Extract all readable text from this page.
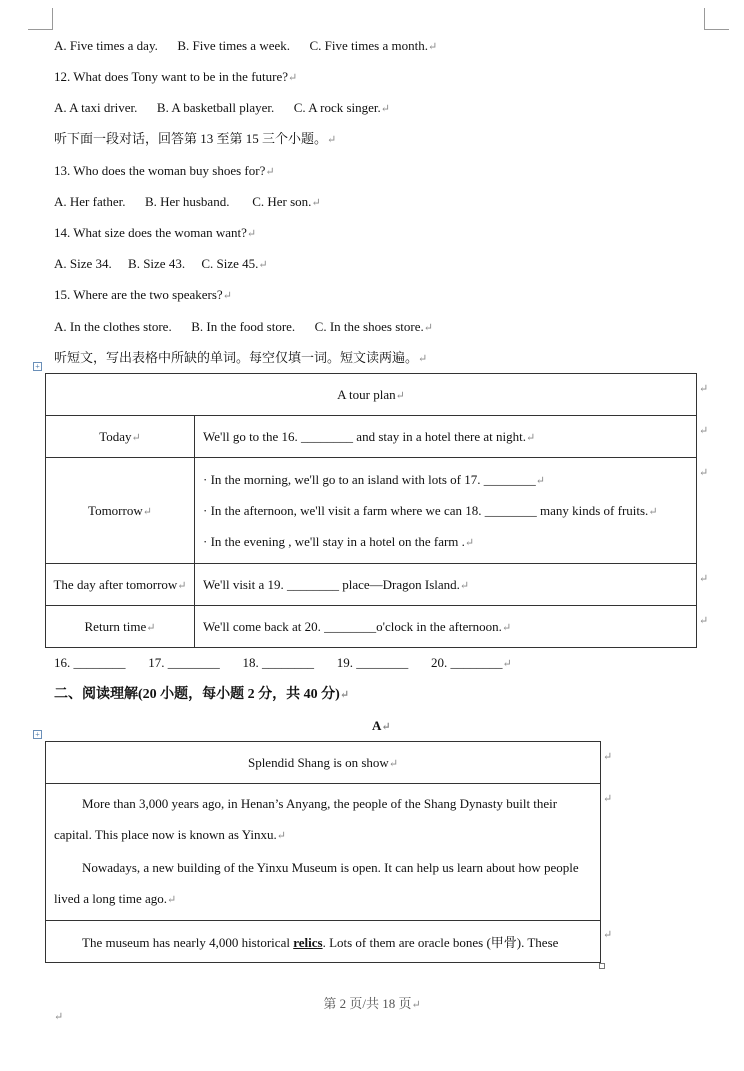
A. Five times a day.      B. Five times a week.      C. Five times a month.↵
12. What does Tony want to be in the future?↵
A. A taxi driver.      B. A basketball player.      C. A rock singer.↵
听下面一段对话，回答第 13 至第 15 三个小题。↵
13. Who does the woman buy shoes for?↵
A. Her father.      B. Her husband.       C. Her son.↵
14. What size does the woman want?↵
A. Size 34.     B. Size 43.     C. Size 45.↵
15. Where are the two speakers?↵
A. In the clothes store.      B. In the food store.      C. In the shoes store.↵
听短文，写出表格中所缺的单词。每空仅填一词。短文读两遍。↵
+
A tour plan↵	
Today↵	We'll go to the 16. ________ and stay in a hotel there at night.↵
Tomorrow↵	· In the morning, we'll go to an island with lots of 17. ________↵
· In the afternoon, we'll visit a farm where we can 18. ________ many kinds of fruits.↵
· In the evening , we'll stay in a hotel on the farm .↵

The day after tomorrow↵	We'll visit a 19. ________ place—Dragon Island.↵
Return time↵	We'll come back at 20. ________o'clock in the afternoon.↵
↵
↵
↵
↵
↵
16. ________       17. ________       18. ________       19. ________       20. ________↵
二、阅读理解(20 小题，每小题 2 分，共 40 分)↵
A↵
+
Splendid Shang is on show↵

More than 3,000 years ago, in Henan’s Anyang, the people of the Shang Dynasty built their capital. This place now is known as Yinxu.↵
Nowadays, a new building of the Yinxu Museum is open. It can help us learn about how people lived a long time ago.↵

The museum has nearly 4,000 historical relics. Lots of them are oracle bones (甲骨). These
↵
↵
↵
第 2 页/共 18 页↵
↵
